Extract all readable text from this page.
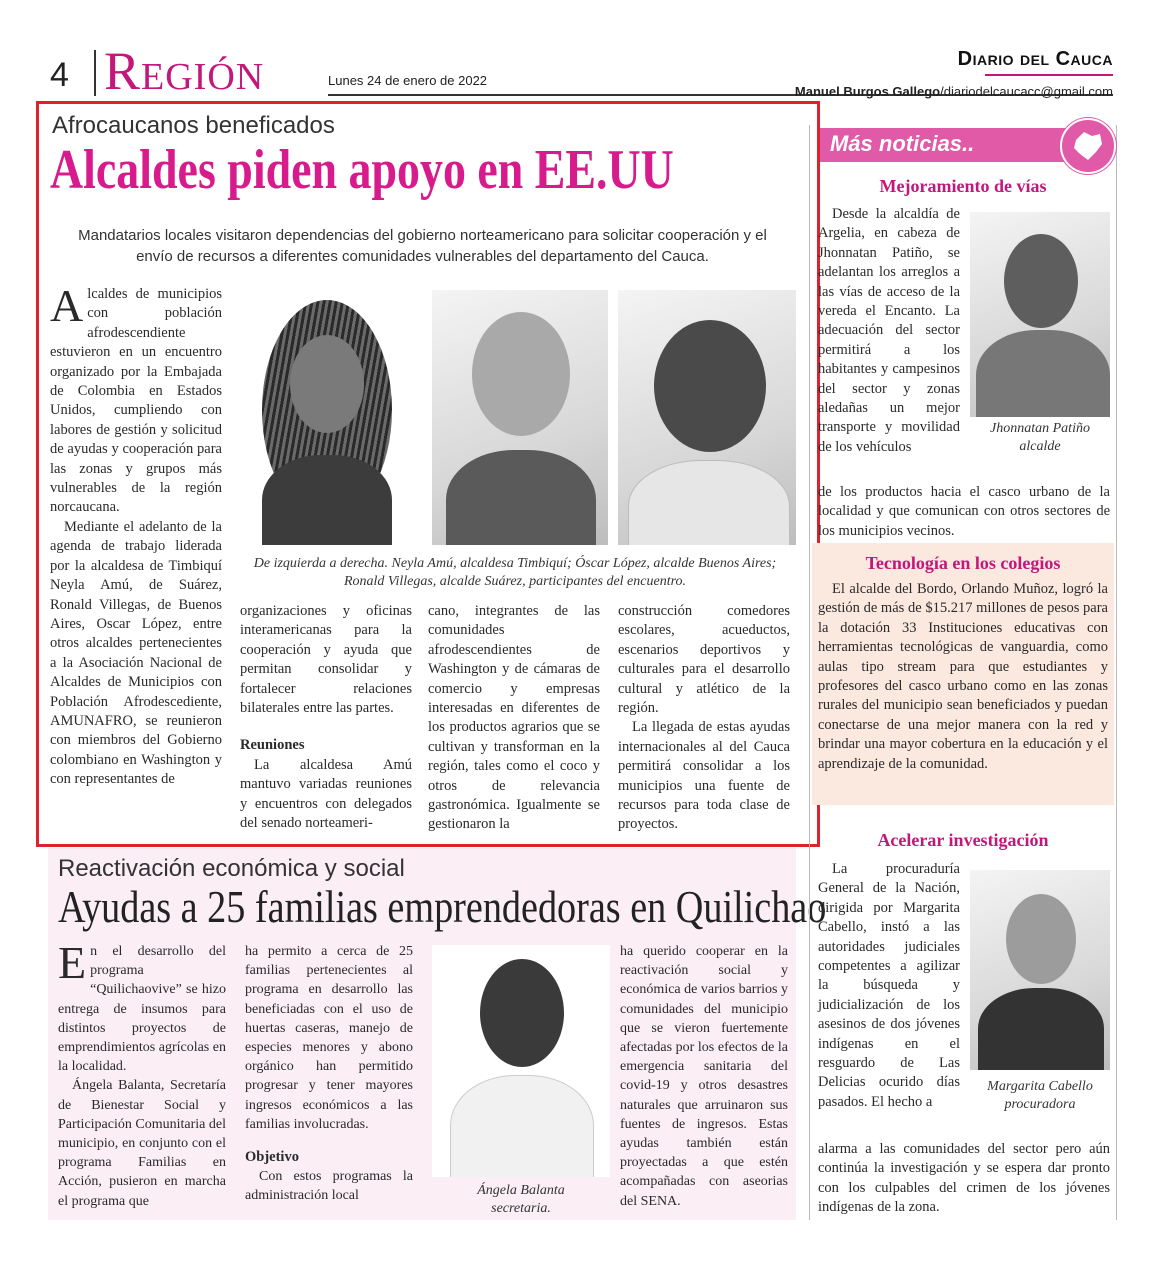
4 Región	Lunes 24 de enero de 2022
Diario del Cauca
Manuel Burgos Gallego/diariodelcaucacc@gmail.com
Afrocaucanos beneficados
Alcaldes piden apoyo en EE.UU
Mandatarios locales visitaron dependencias del gobierno norteamericano para solicitar cooperación y el envío de recursos a diferentes comunidades vulnerables del departamento del Cauca.

Alcaldes de municipios con población afrodescendiente estuvieron en un encuentro organizado por la Embajada de Colombia en Estados Unidos, cumpliendo con labores de gestión y solicitud de ayudas y cooperación para las zonas y grupos más vulnerables de la región norcaucana.

Mediante el adelanto de la agenda de trabajo liderada por la alcaldesa de Timbiquí Neyla Amú, de Suárez, Ronald Villegas, de Buenos Aires, Oscar López, entre otros alcaldes pertenecientes a la Asociación Nacional de Alcaldes de Municipios con Población Afrodescediente, AMUNAFRO, se reunieron con miembros del Gobierno colombiano en Washington y con representantes de

De izquierda a derecha. Neyla Amú, alcaldesa Timbiquí; Óscar López, alcalde Buenos Aires; Ronald Villegas, alcalde Suárez, participantes del encuentro.

organizaciones y oficinas interamericanas para la cooperación y ayuda que permitan consolidar y fortalecer relaciones bilaterales entre las partes.

Reuniones

La alcaldesa Amú mantuvo variadas reuniones y encuentros con delegados del senado norteameri-

cano, integrantes de las comunidades afrodescendientes de Washington y de cámaras de comercio y empresas interesadas en diferentes de los productos agrarios que se cultivan y transforman en la región, tales como el coco y otros de relevancia gastronómica. Igualmente se gestionaron la

construcción comedores escolares, acueductos, escenarios deportivos y culturales para el desarrollo cultural y atlético de la región.

La llegada de estas ayudas internacionales al del Cauca permitirá consolidar a los municipios una fuente de recursos para toda clase de proyectos.

Reactivación económica y social
Ayudas a 25 familias emprendedoras en Quilichao

En el desarrollo del programa “Quilichaovive” se hizo entrega de insumos para distintos proyectos de emprendimientos agrícolas en la localidad.

Ángela Balanta, Secretaría de Bienestar Social y Participación Comunitaria del municipio, en conjunto con el programa Familias en Acción, pusieron en marcha el programa que

ha permito a cerca de 25 familias pertenecientes al programa en desarrollo las beneficiadas con el uso de huertas caseras, manejo de especies menores y abono orgánico han permitido progresar y tener mayores ingresos económicos a las familias involucradas.

Objetivo

Con estos programas la administración local	Ángela Balanta
secretaria.

ha querido cooperar en la reactivación social y económica de varios barrios y comunidades del municipio que se vieron fuertemente afectadas por los efectos de la emergencia sanitaria del covid-19 y otros desastres naturales que arruinaron sus fuentes de ingresos. Estas ayudas también están proyectadas a que estén acompañadas con aseorias del SENA.

Más noticias..
Mejoramiento de vías

Desde la alcaldía de Argelia, en cabeza de Jhonnatan Patiño, se adelantan los arreglos a las vías de acceso de la vereda el Encanto. La adecuación del sector permitirá a los habitantes y campesinos del sector y zonas aledañas un mejor transporte y movilidad de los vehículos

Jhonnatan Patiño
alcalde

de los productos hacia el casco urbano de la localidad y que comunican con otros sectores de los municipios vecinos.

Tecnología en los colegios

El alcalde del Bordo, Orlando Muñoz, logró la gestión de más de $15.217 millones de pesos para la dotación 33 Instituciones educativas con herramientas tecnológicas de vanguardia, como aulas tipo stream para que estudiantes y profesores del casco urbano como en las zonas rurales del municipio sean beneficiados y puedan conectarse de una mejor manera con la red y brindar una mayor cobertura en la educación y el aprendizaje de la comunidad.

Acelerar investigación

La procuraduría General de la Nación, dirigida por Margarita Cabello, instó a las autoridades judiciales competentes a agilizar la búsqueda y judicialización de los asesinos de dos jóvenes indígenas en el resguardo de Las Delicias ocurido días pasados. El hecho a

Margarita Cabello
procuradora

alarma a las comunidades del sector pero aún continúa la investigación y se espera dar pronto con los culpables del crimen de los jóvenes indígenas de la zona.
